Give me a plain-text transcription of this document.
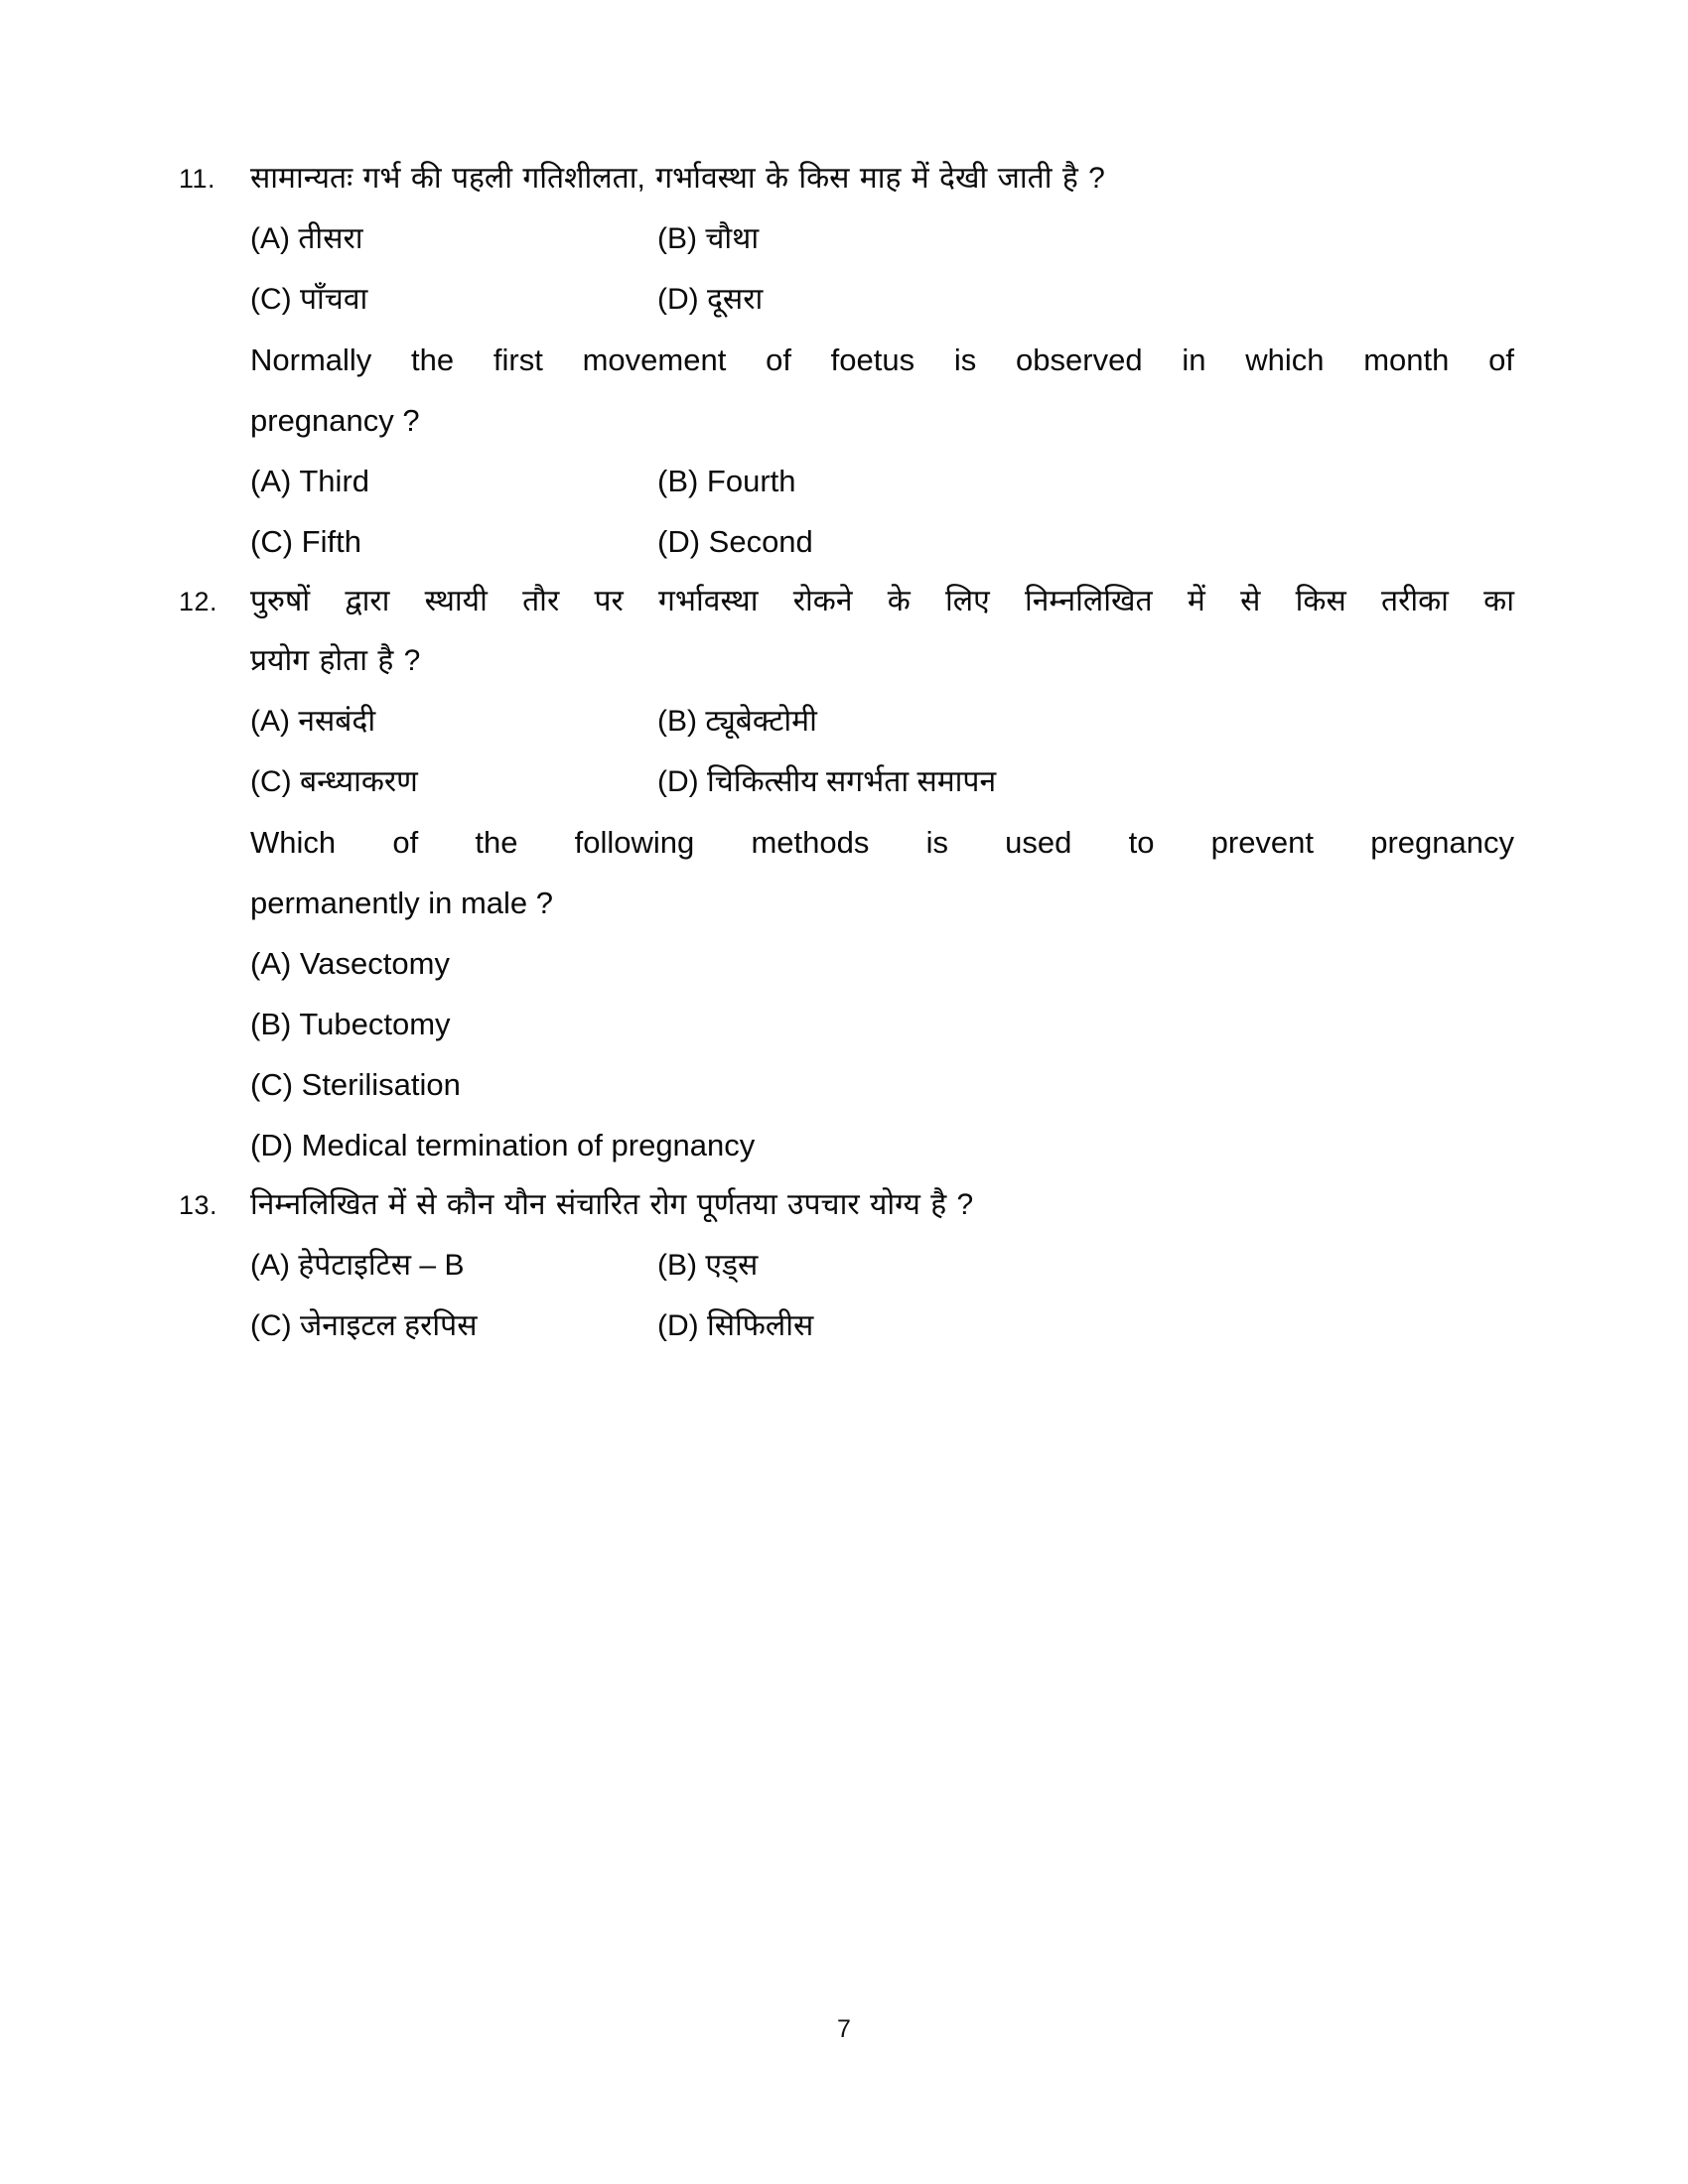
11.	सामान्यतः गर्भ की पहली गतिशीलता, गर्भावस्था के किस माह में देखी जाती है ?
(A) तीसरा	(B) चौथा
(C) पाँचवा	(D) दूसरा
Normally the first movement of foetus is observed in which month of
pregnancy ?
(A) Third	(B) Fourth
(C) Fifth	(D) Second
12.	पुरुषों द्वारा स्थायी तौर पर गर्भावस्था रोकने के लिए निम्नलिखित में से किस तरीका का
प्रयोग होता है ?
(A) नसबंदी	(B) ट्यूबेक्टोमी
(C) बन्ध्याकरण	(D) चिकित्सीय सगर्भता समापन
Which of the following methods is used to prevent pregnancy
permanently in male ?
(A) Vasectomy
(B) Tubectomy
(C) Sterilisation
(D) Medical termination of pregnancy
13.	निम्नलिखित में से कौन यौन संचारित रोग पूर्णतया उपचार योग्य है ?
(A) हेपेटाइटिस – B	(B) एड्स
(C) जेनाइटल हरपिस	(D) सिफिलीस
7
